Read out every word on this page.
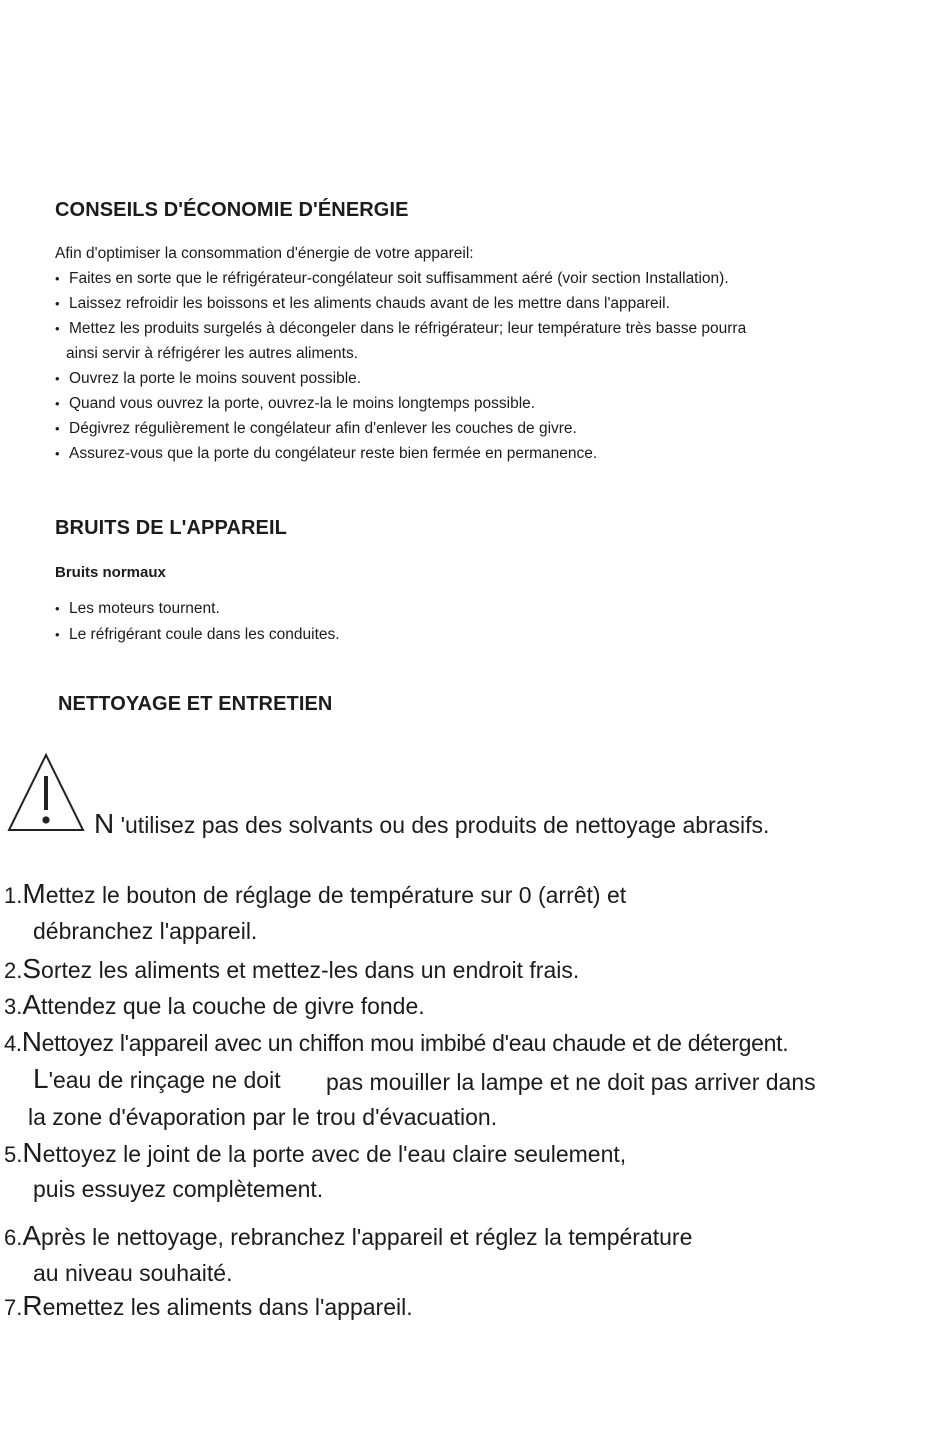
CONSEILS D'ÉCONOMIE D'ÉNERGIE
Afin d'optimiser la consommation d'énergie de votre appareil:
• Faites en sorte que le réfrigérateur-congélateur soit suffisamment aéré (voir section Installation).
• Laissez refroidir les boissons et les aliments chauds avant de les mettre dans l'appareil.
• Mettez les produits surgelés à décongeler dans le réfrigérateur; leur température très basse pourra
ainsi servir à réfrigérer les autres aliments.
• Ouvrez la porte le moins souvent possible.
• Quand vous ouvrez la porte, ouvrez-la le moins longtemps possible.
• Dégivrez régulièrement le congélateur afin d'enlever les couches de givre.
• Assurez-vous que la porte du congélateur reste bien fermée en permanence.
BRUITS DE L'APPAREIL
Bruits normaux
• Les moteurs tournent.
• Le réfrigérant coule dans les conduites.
NETTOYAGE ET ENTRETIEN
N 'utilisez pas des solvants ou des produits de nettoyage abrasifs.
1.Mettez le bouton de réglage de température sur 0 (arrêt) et
débranchez l'appareil.
2.Sortez les aliments et mettez-les dans un endroit frais.
3.Attendez que la couche de givre fonde.
4.Nettoyez l'appareil avec un chiffon mou imbibé d'eau chaude et de détergent.
L'eau de rinçage ne doit pas mouiller la lampe et ne doit pas arriver dans
la zone d'évaporation par le trou d'évacuation.
5.Nettoyez le joint de la porte avec de l'eau claire seulement,
puis essuyez complètement.
6.Après le nettoyage, rebranchez l'appareil et réglez la température
au niveau souhaité.
7.Remettez les aliments dans l'appareil.
